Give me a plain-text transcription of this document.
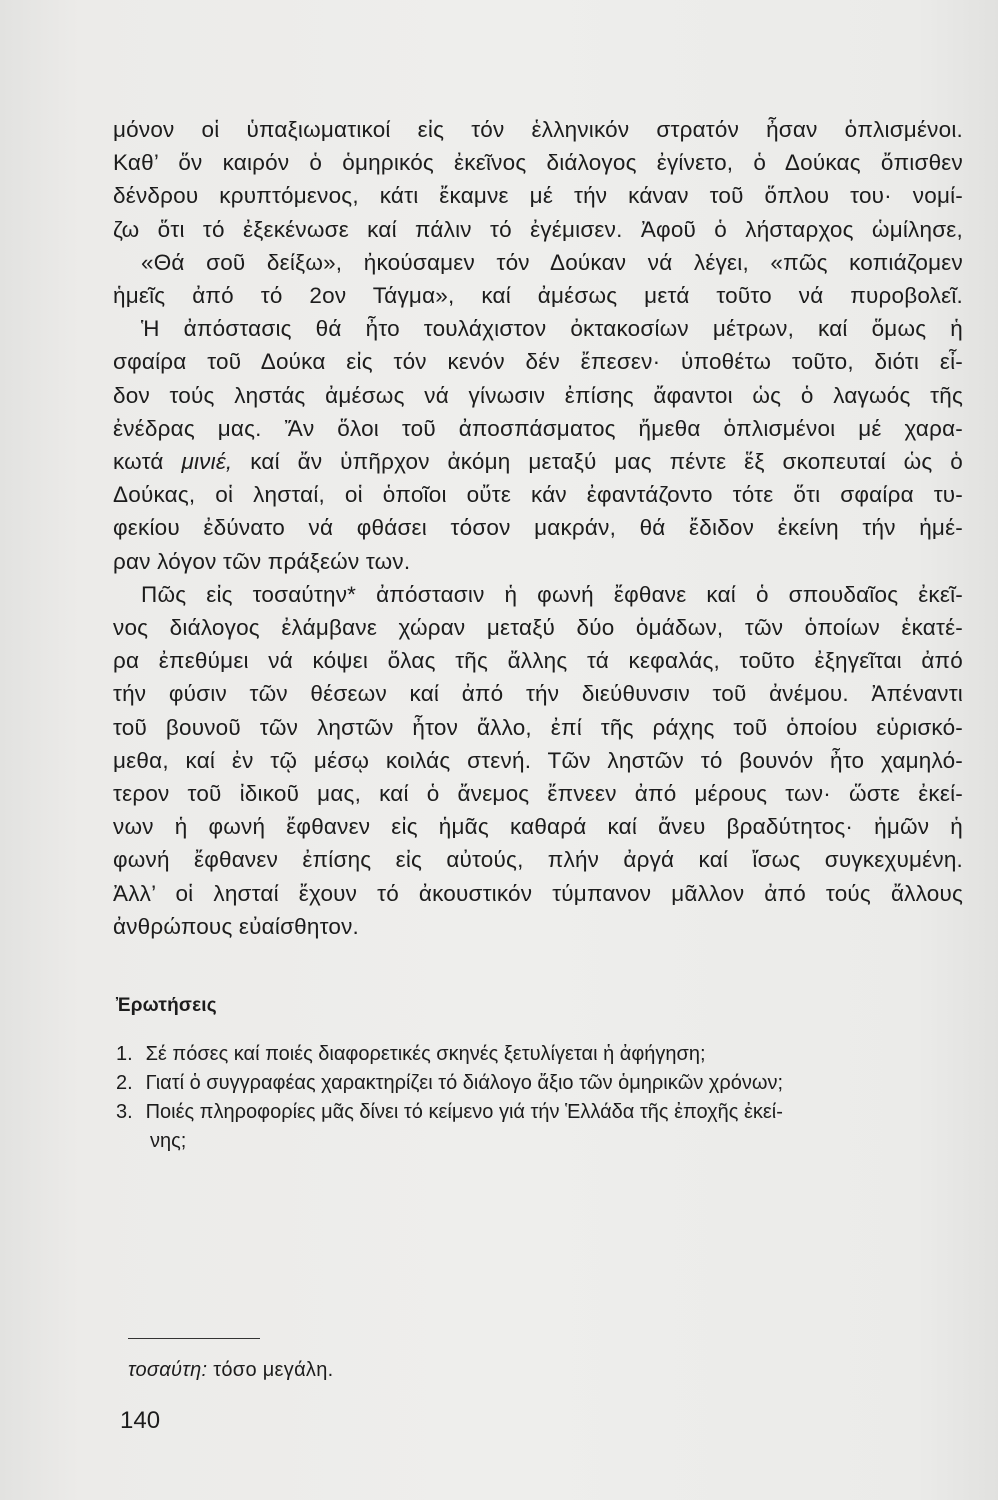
μόνον οἱ ὑπαξιωματικοί εἰς τόν ἑλληνικόν στρατόν ἦσαν ὁπλισμένοι.
Καθ’ ὅν καιρόν ὁ ὁμηρικός ἐκεῖνος διάλογος ἐγίνετο, ὁ Δούκας ὄπισθεν
δένδρου κρυπτόμενος, κάτι ἔκαμνε μέ τήν κάναν τοῦ ὅπλου του· νομί-
ζω ὅτι τό ἐξεκένωσε καί πάλιν τό ἐγέμισεν. Ἀφοῦ ὁ λήσταρχος ὡμίλησε,
«Θά σοῦ δείξω», ἠκούσαμεν τόν Δούκαν νά λέγει, «πῶς κοπιάζομεν
ἡμεῖς ἀπό τό 2ον Τάγμα», καί ἀμέσως μετά τοῦτο νά πυροβολεῖ.
Ἡ ἀπόστασις θά ἦτο τουλάχιστον ὀκτακοσίων μέτρων, καί ὅμως ἡ
σφαίρα τοῦ Δούκα εἰς τόν κενόν δέν ἔπεσεν· ὑποθέτω τοῦτο, διότι εἶ-
δον τούς ληστάς ἀμέσως νά γίνωσιν ἐπίσης ἄφαντοι ὡς ὁ λαγωός τῆς
ἐνέδρας μας. Ἄν ὅλοι τοῦ ἀποσπάσματος ἤμεθα ὁπλισμένοι μέ χαρα-
κωτά μινιέ, καί ἄν ὑπῆρχον ἀκόμη μεταξύ μας πέντε ἕξ σκοπευταί ὡς ὁ
Δούκας, οἱ λησταί, οἱ ὁποῖοι οὔτε κάν ἐφαντάζοντο τότε ὅτι σφαίρα τυ-
φεκίου ἐδύνατο νά φθάσει τόσον μακράν, θά ἔδιδον ἐκείνη τήν ἡμέ-
ραν λόγον τῶν πράξεών των.
Πῶς εἰς τοσαύτην* ἀπόστασιν ἡ φωνή ἔφθανε καί ὁ σπουδαῖος ἐκεῖ-
νος διάλογος ἐλάμβανε χώραν μεταξύ δύο ὁμάδων, τῶν ὁποίων ἑκατέ-
ρα ἐπεθύμει νά κόψει ὅλας τῆς ἄλλης τά κεφαλάς, τοῦτο ἐξηγεῖται ἀπό
τήν φύσιν τῶν θέσεων καί ἀπό τήν διεύθυνσιν τοῦ ἀνέμου. Ἀπέναντι
τοῦ βουνοῦ τῶν ληστῶν ἦτον ἄλλο, ἐπί τῆς ράχης τοῦ ὁποίου εὑρισκό-
μεθα, καί ἐν τῷ μέσῳ κοιλάς στενή. Τῶν ληστῶν τό βουνόν ἦτο χαμηλό-
τερον τοῦ ἰδικοῦ μας, καί ὁ ἄνεμος ἔπνεεν ἀπό μέρους των· ὥστε ἐκεί-
νων ἡ φωνή ἔφθανεν εἰς ἡμᾶς καθαρά καί ἄνευ βραδύτητος· ἡμῶν ἡ
φωνή ἔφθανεν ἐπίσης εἰς αὐτούς, πλήν ἀργά καί ἴσως συγκεχυμένη.
Ἀλλ’ οἱ λησταί ἔχουν τό ἀκουστικόν τύμπανον μᾶλλον ἀπό τούς ἄλλους
ἀνθρώπους εὐαίσθητον.
Ἐρωτήσεις
1. Σέ πόσες καί ποιές διαφορετικές σκηνές ξετυλίγεται ἡ ἀφήγηση;
2. Γιατί ὁ συγγραφέας χαρακτηρίζει τό διάλογο ἄξιο τῶν ὁμηρικῶν χρόνων;
3. Ποιές πληροφορίες μᾶς δίνει τό κείμενο γιά τήν Ἑλλάδα τῆς ἐποχῆς ἐκεί-
νης;
τοσαύτη: τόσο μεγάλη.
140
